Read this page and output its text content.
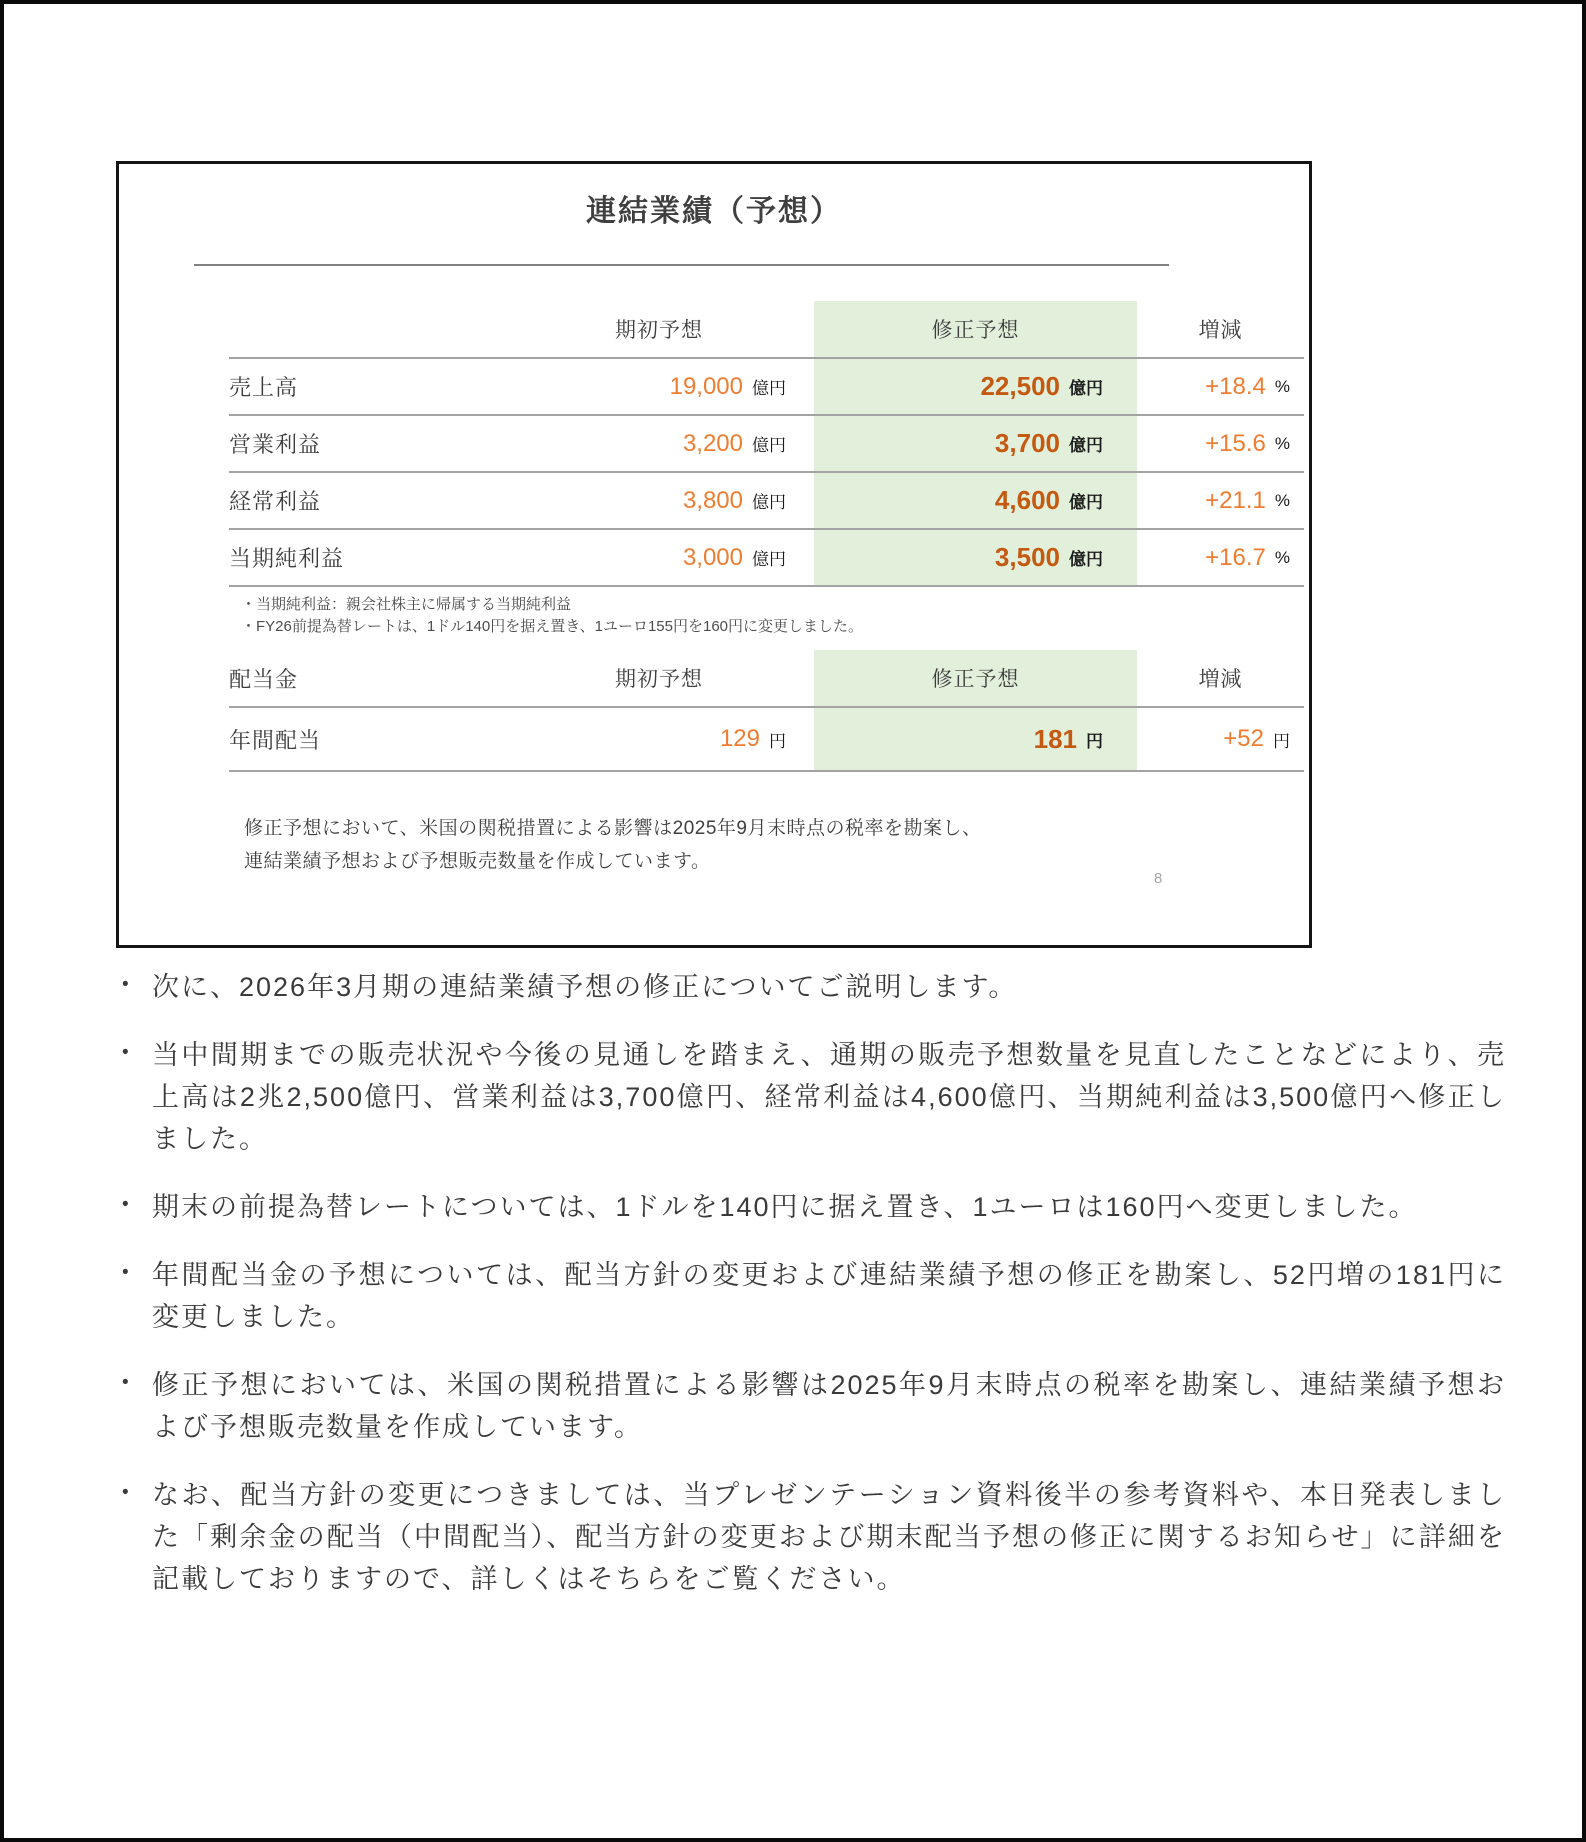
連結業績（予想）
期初予想	修正予想	増減
売上高	19,000 億円	22,500 億円	+18.4 %
営業利益	3,200 億円	3,700 億円	+15.6 %
経常利益	3,800 億円	4,600 億円	+21.1 %
当期純利益	3,000 億円	3,500 億円	+16.7 %
・当期純利益：親会社株主に帰属する当期純利益
・FY26前提為替レートは、1ドル140円を据え置き、1ユーロ155円を160円に変更しました。
配当金	期初予想	修正予想	増減
年間配当	129 円	181 円	+52 円
修正予想において、米国の関税措置による影響は2025年9月末時点の税率を勘案し、
連結業績予想および予想販売数量を作成しています。
8
• 次に、2026年3月期の連結業績予想の修正についてご説明します。
• 当中間期までの販売状況や今後の見通しを踏まえ、通期の販売予想数量を見直したことなどにより、売上高は2兆2,500億円、営業利益は3,700億円、経常利益は4,600億円、当期純利益は3,500億円へ修正しました。
• 期末の前提為替レートについては、1ドルを140円に据え置き、1ユーロは160円へ変更しました。
• 年間配当金の予想については、配当方針の変更および連結業績予想の修正を勘案し、52円増の181円に変更しました。
• 修正予想においては、米国の関税措置による影響は2025年9月末時点の税率を勘案し、連結業績予想および予想販売数量を作成しています。
• なお、配当方針の変更につきましては、当プレゼンテーション資料後半の参考資料や、本日発表しました「剰余金の配当（中間配当）、配当方針の変更および期末配当予想の修正に関するお知らせ」に詳細を記載しておりますので、詳しくはそちらをご覧ください。
